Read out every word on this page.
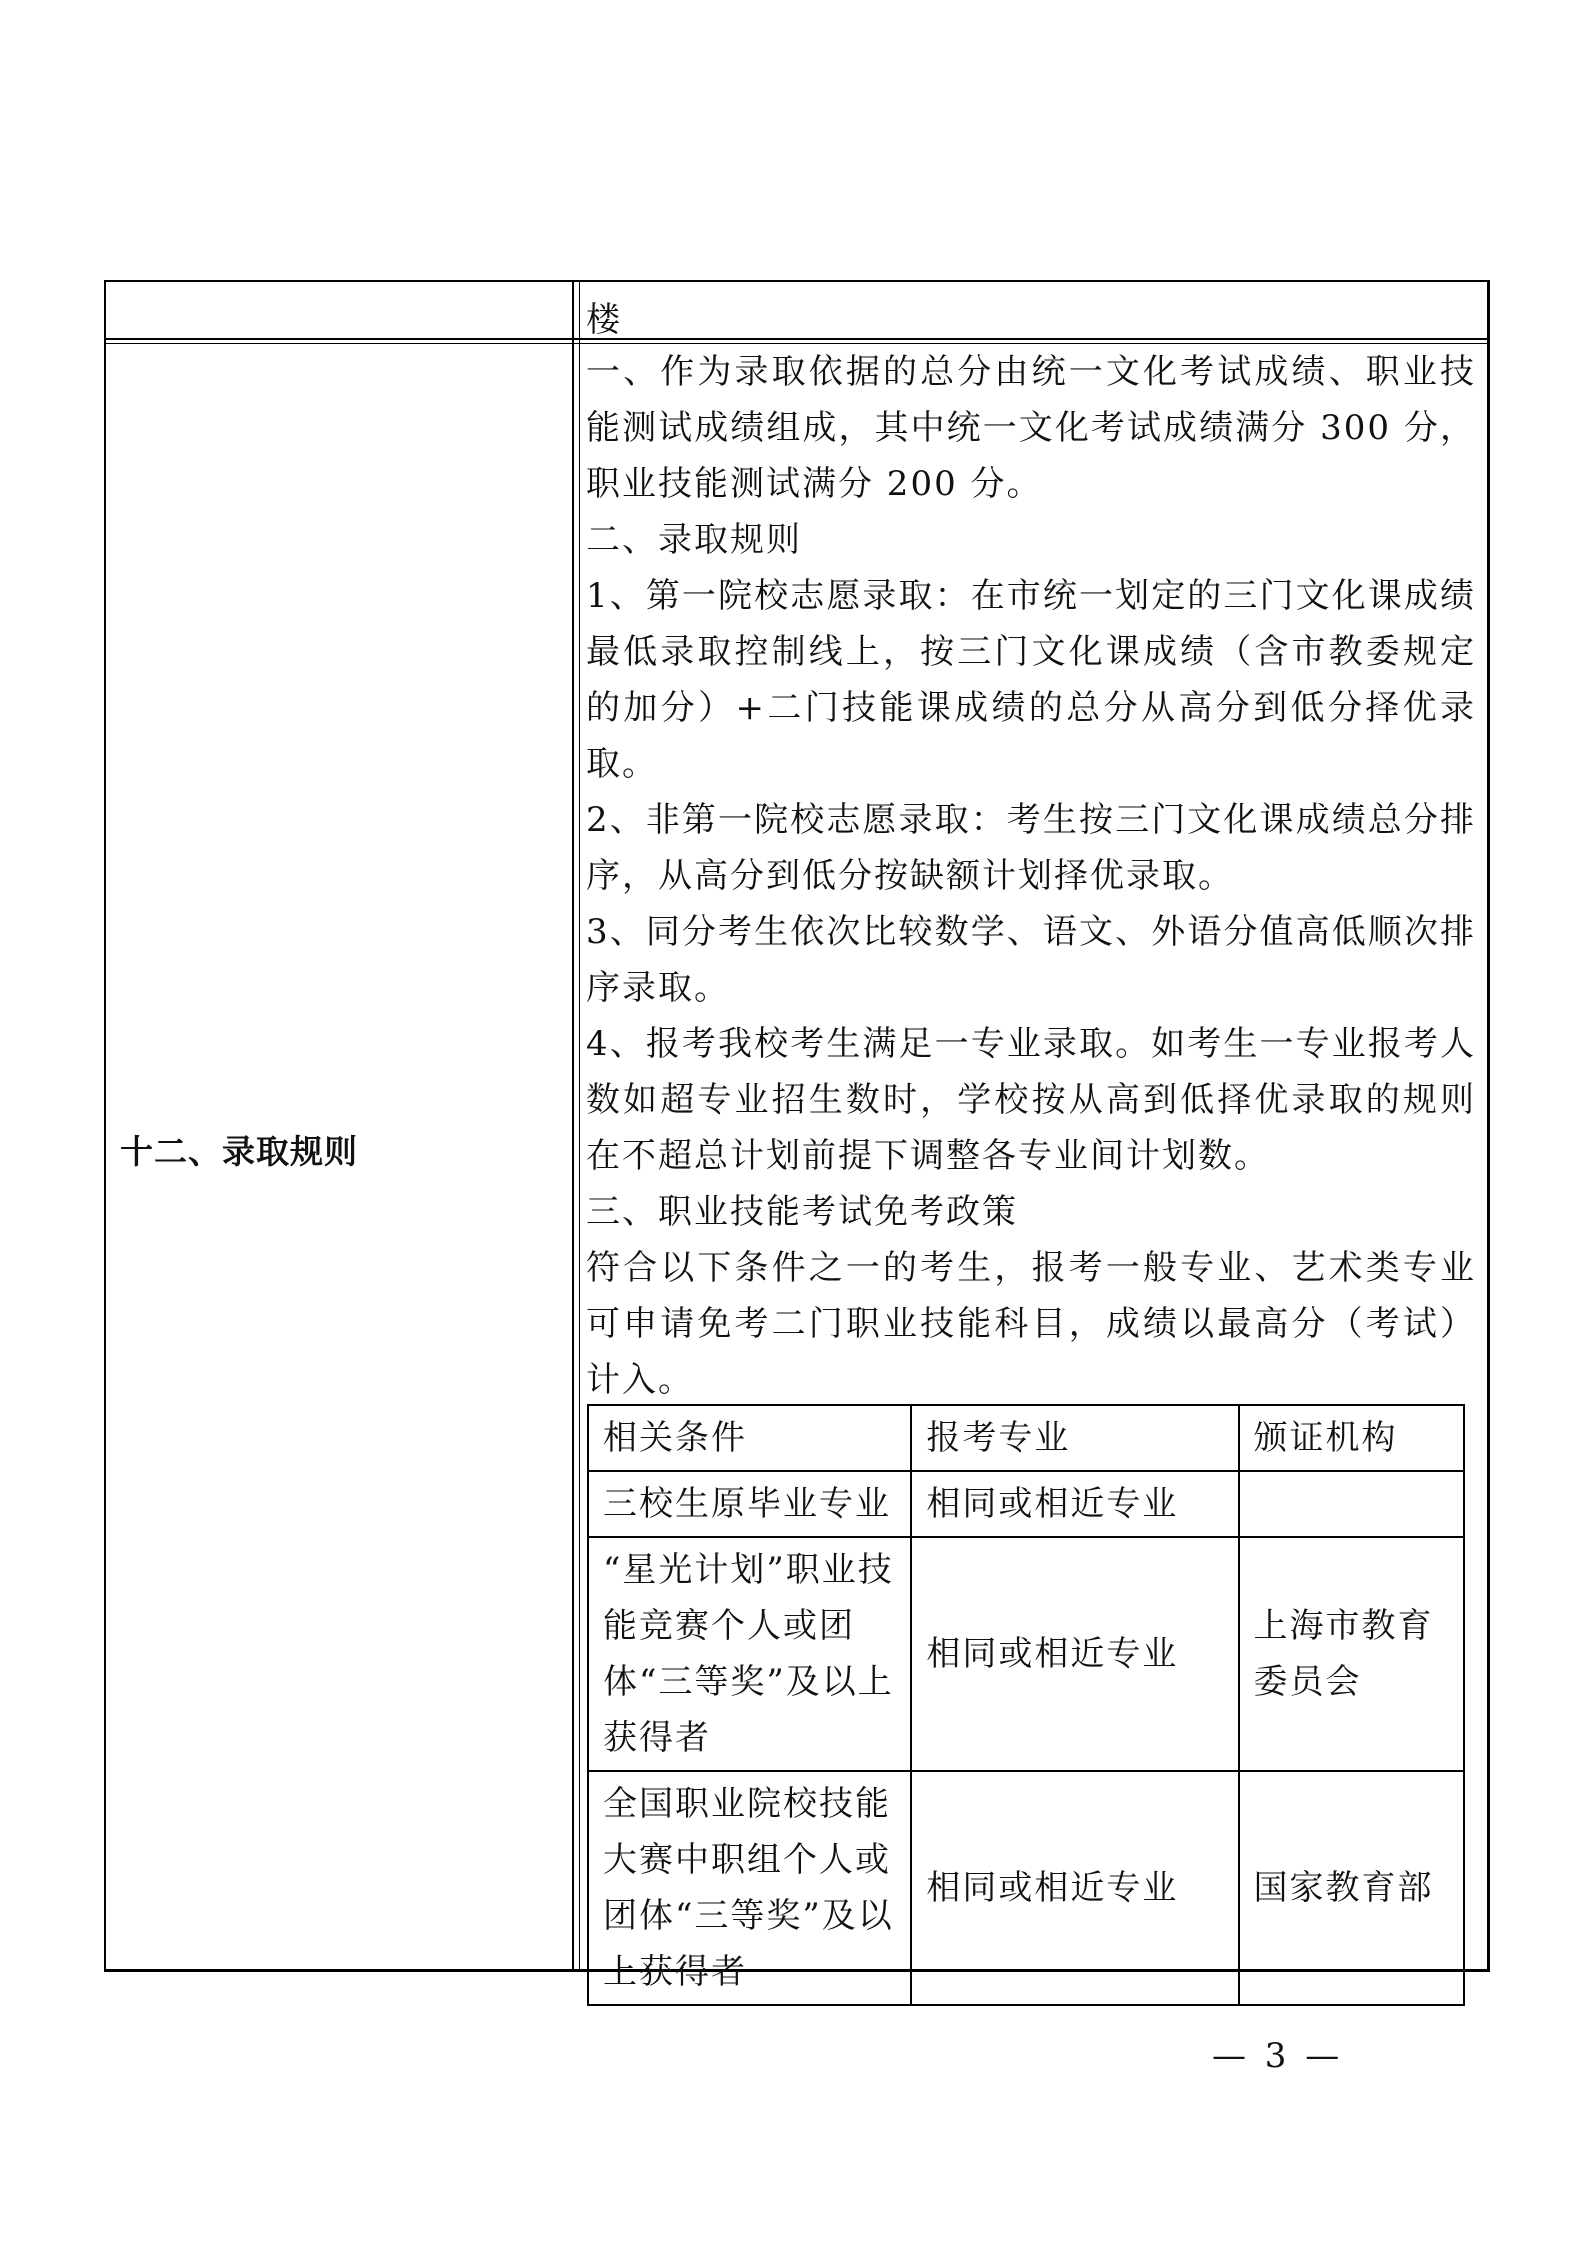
楼
十二、录取规则

一、作为录取依据的总分由统一文化考试成绩、职业技能测试成绩组成，其中统一文化考试成绩满分 300 分，职业技能测试满分 200 分。

二、录取规则

1、第一院校志愿录取：在市统一划定的三门文化课成绩最低录取控制线上，按三门文化课成绩（含市教委规定的加分）+二门技能课成绩的总分从高分到低分择优录取。

2、非第一院校志愿录取：考生按三门文化课成绩总分排序，从高分到低分按缺额计划择优录取。

3、同分考生依次比较数学、语文、外语分值高低顺次排序录取。

4、报考我校考生满足一专业录取。如考生一专业报考人数如超专业招生数时，学校按从高到低择优录取的规则在不超总计划前提下调整各专业间计划数。

三、职业技能考试免考政策

符合以下条件之一的考生，报考一般专业、艺术类专业可申请免考二门职业技能科目，成绩以最高分（考试）计入。

相关条件	报考专业	颁证机构
三校生原毕业专业	相同或相近专业	
“星光计划”职业技能竞赛个人或团体“三等奖”及以上获得者	相同或相近专业	上海市教育委员会
全国职业院校技能大赛中职组个人或团体“三等奖”及以上获得者	相同或相近专业	国家教育部
— 3 —
